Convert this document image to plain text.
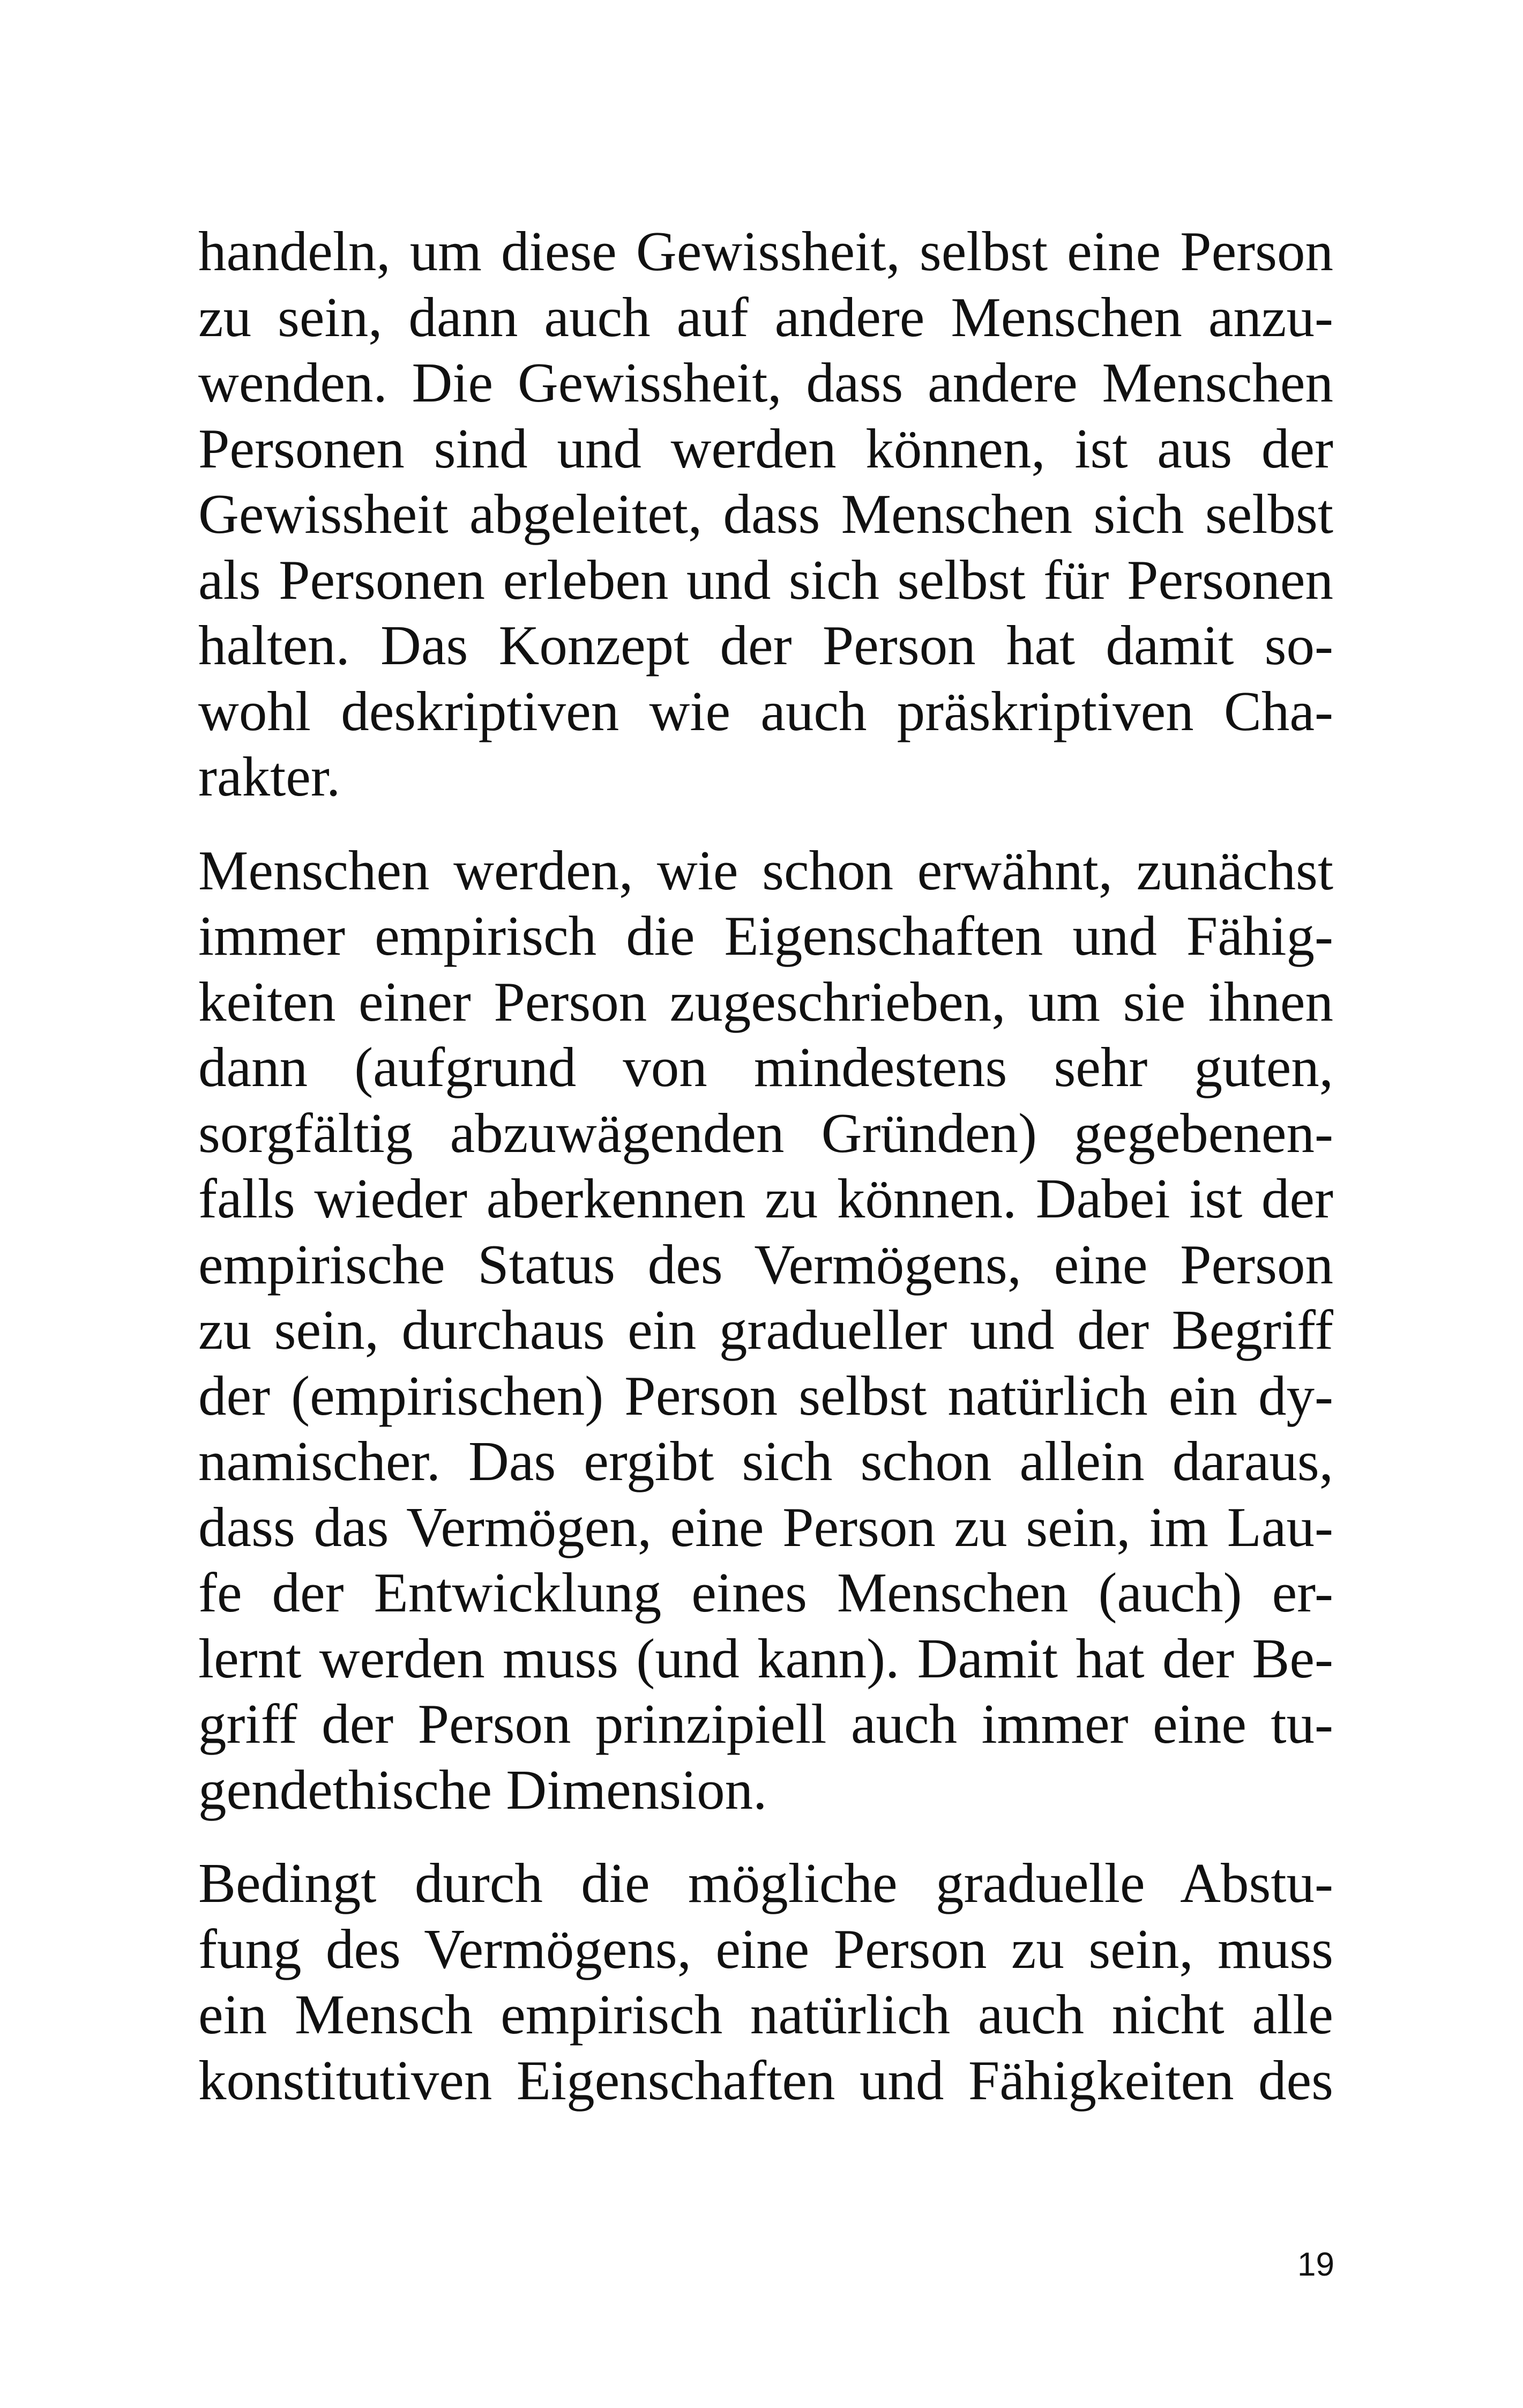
handeln, um diese Gewissheit, selbst eine Person
zu sein, dann auch auf andere Menschen anzu-
wenden. Die Gewissheit, dass andere Menschen
Personen sind und werden können, ist aus der
Gewissheit abgeleitet, dass Menschen sich selbst
als Personen erleben und sich selbst für Personen
halten. Das Konzept der Person hat damit so-
wohl deskriptiven wie auch präskriptiven Cha-
rakter.

Menschen werden, wie schon erwähnt, zunächst
immer empirisch die Eigenschaften und Fähig-
keiten einer Person zugeschrieben, um sie ihnen
dann (aufgrund von mindestens sehr guten,
sorgfältig abzuwägenden Gründen) gegebenen-
falls wieder aberkennen zu können. Dabei ist der
empirische Status des Vermögens, eine Person
zu sein, durchaus ein gradueller und der Begriff
der (empirischen) Person selbst natürlich ein dy-
namischer. Das ergibt sich schon allein daraus,
dass das Vermögen, eine Person zu sein, im Lau-
fe der Entwicklung eines Menschen (auch) er-
lernt werden muss (und kann). Damit hat der Be-
griff der Person prinzipiell auch immer eine tu-
gendethische Dimension.

Bedingt durch die mögliche graduelle Abstu-
fung des Vermögens, eine Person zu sein, muss
ein Mensch empirisch natürlich auch nicht alle
konstitutiven Eigenschaften und Fähigkeiten des

19
